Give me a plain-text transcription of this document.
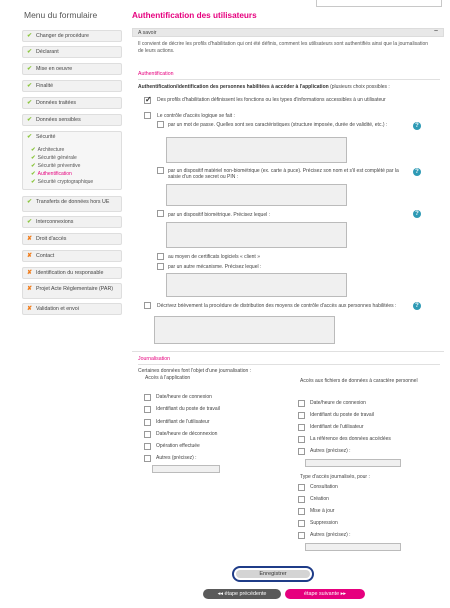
Menu du formulaire
✔ Changer de procédure
✔ Déclarant
✔ Mise en oeuvre
✔ Finalité
✔ Données traitées
✔ Données sensibles
✔ Sécurité
✔ Architecture
✔ Sécurité générale
✔ Sécurité préventive
✔ Authentification
✔ Sécurité cryptographique
✔ Transferts de données hors UE
✔ Interconnexions
✘ Droit d'accès
✘ Contact
✘ Identification du responsable
✘ Projet Acte Réglementaire (PAR)
✘ Validation et envoi
Authentification des utilisateurs
A savoir	−
Il convient de décrire les profils d'habilitation qui ont été définis, comment les utilisateurs sont authentifiés ainsi que la journalisation de leurs actions.
Authentification
Authentification/identification des personnes habilitées à accéder à l'application (plusieurs choix possibles :
✓
Des profils d'habilitation définissent les fonctions ou les types d'informations accessibles à un utilisateur
Le contrôle d'accès logique se fait :
par un mot de passe. Quelles sont ses caractéristiques (structure imposée, durée de validité, etc.) :	?
par un dispositif matériel non-biométrique (ex. carte à puce). Précisez son nom et s'il est complété par la saisie d'un code secret ou PIN :
?
par un dispositif biométrique. Précisez lequel :	?
au moyen de certificats logiciels « client »
par un autre mécanisme. Précisez lequel :
Décrivez brièvement la procédure de distribution des moyens de contrôle d'accès aux personnes habilitées :	?
Journalisation
Certaines données font l'objet d'une journalisation :
Accès à l'application
Date/heure de connexion
Identifiant du poste de travail
Identifiant de l'utilisateur
Date/heure de déconnexion
Opération effectuée
Autres (précisez) :
Accès aux fichiers de données à caractère personnel
Date/heure de connexion
Identifiant du poste de travail
Identifiant de l'utilisateur
La référence des données accédées
Autres (précisez) :
Type d'accès journalisés, pour :
Consultation
Création
Mise à jour
Suppression
Autres (précisez) :
Enregistrer
◂◂ étape précédente	étape suivante ▸▸
